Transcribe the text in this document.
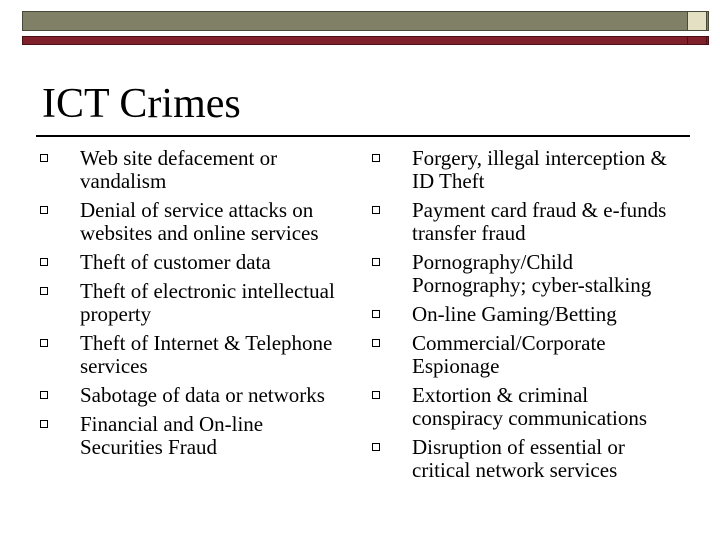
ICT Crimes
Web site defacement or vandalism
Denial of service attacks on websites and online services
Theft of customer data
Theft of electronic intellectual property
Theft of Internet & Telephone services
Sabotage of data or networks
Financial and On-line Securities Fraud
Forgery, illegal interception & ID Theft
Payment card fraud & e-funds transfer fraud
Pornography/Child Pornography; cyber-stalking
On-line Gaming/Betting
Commercial/Corporate Espionage
Extortion & criminal conspiracy communications
Disruption of essential or critical network services
